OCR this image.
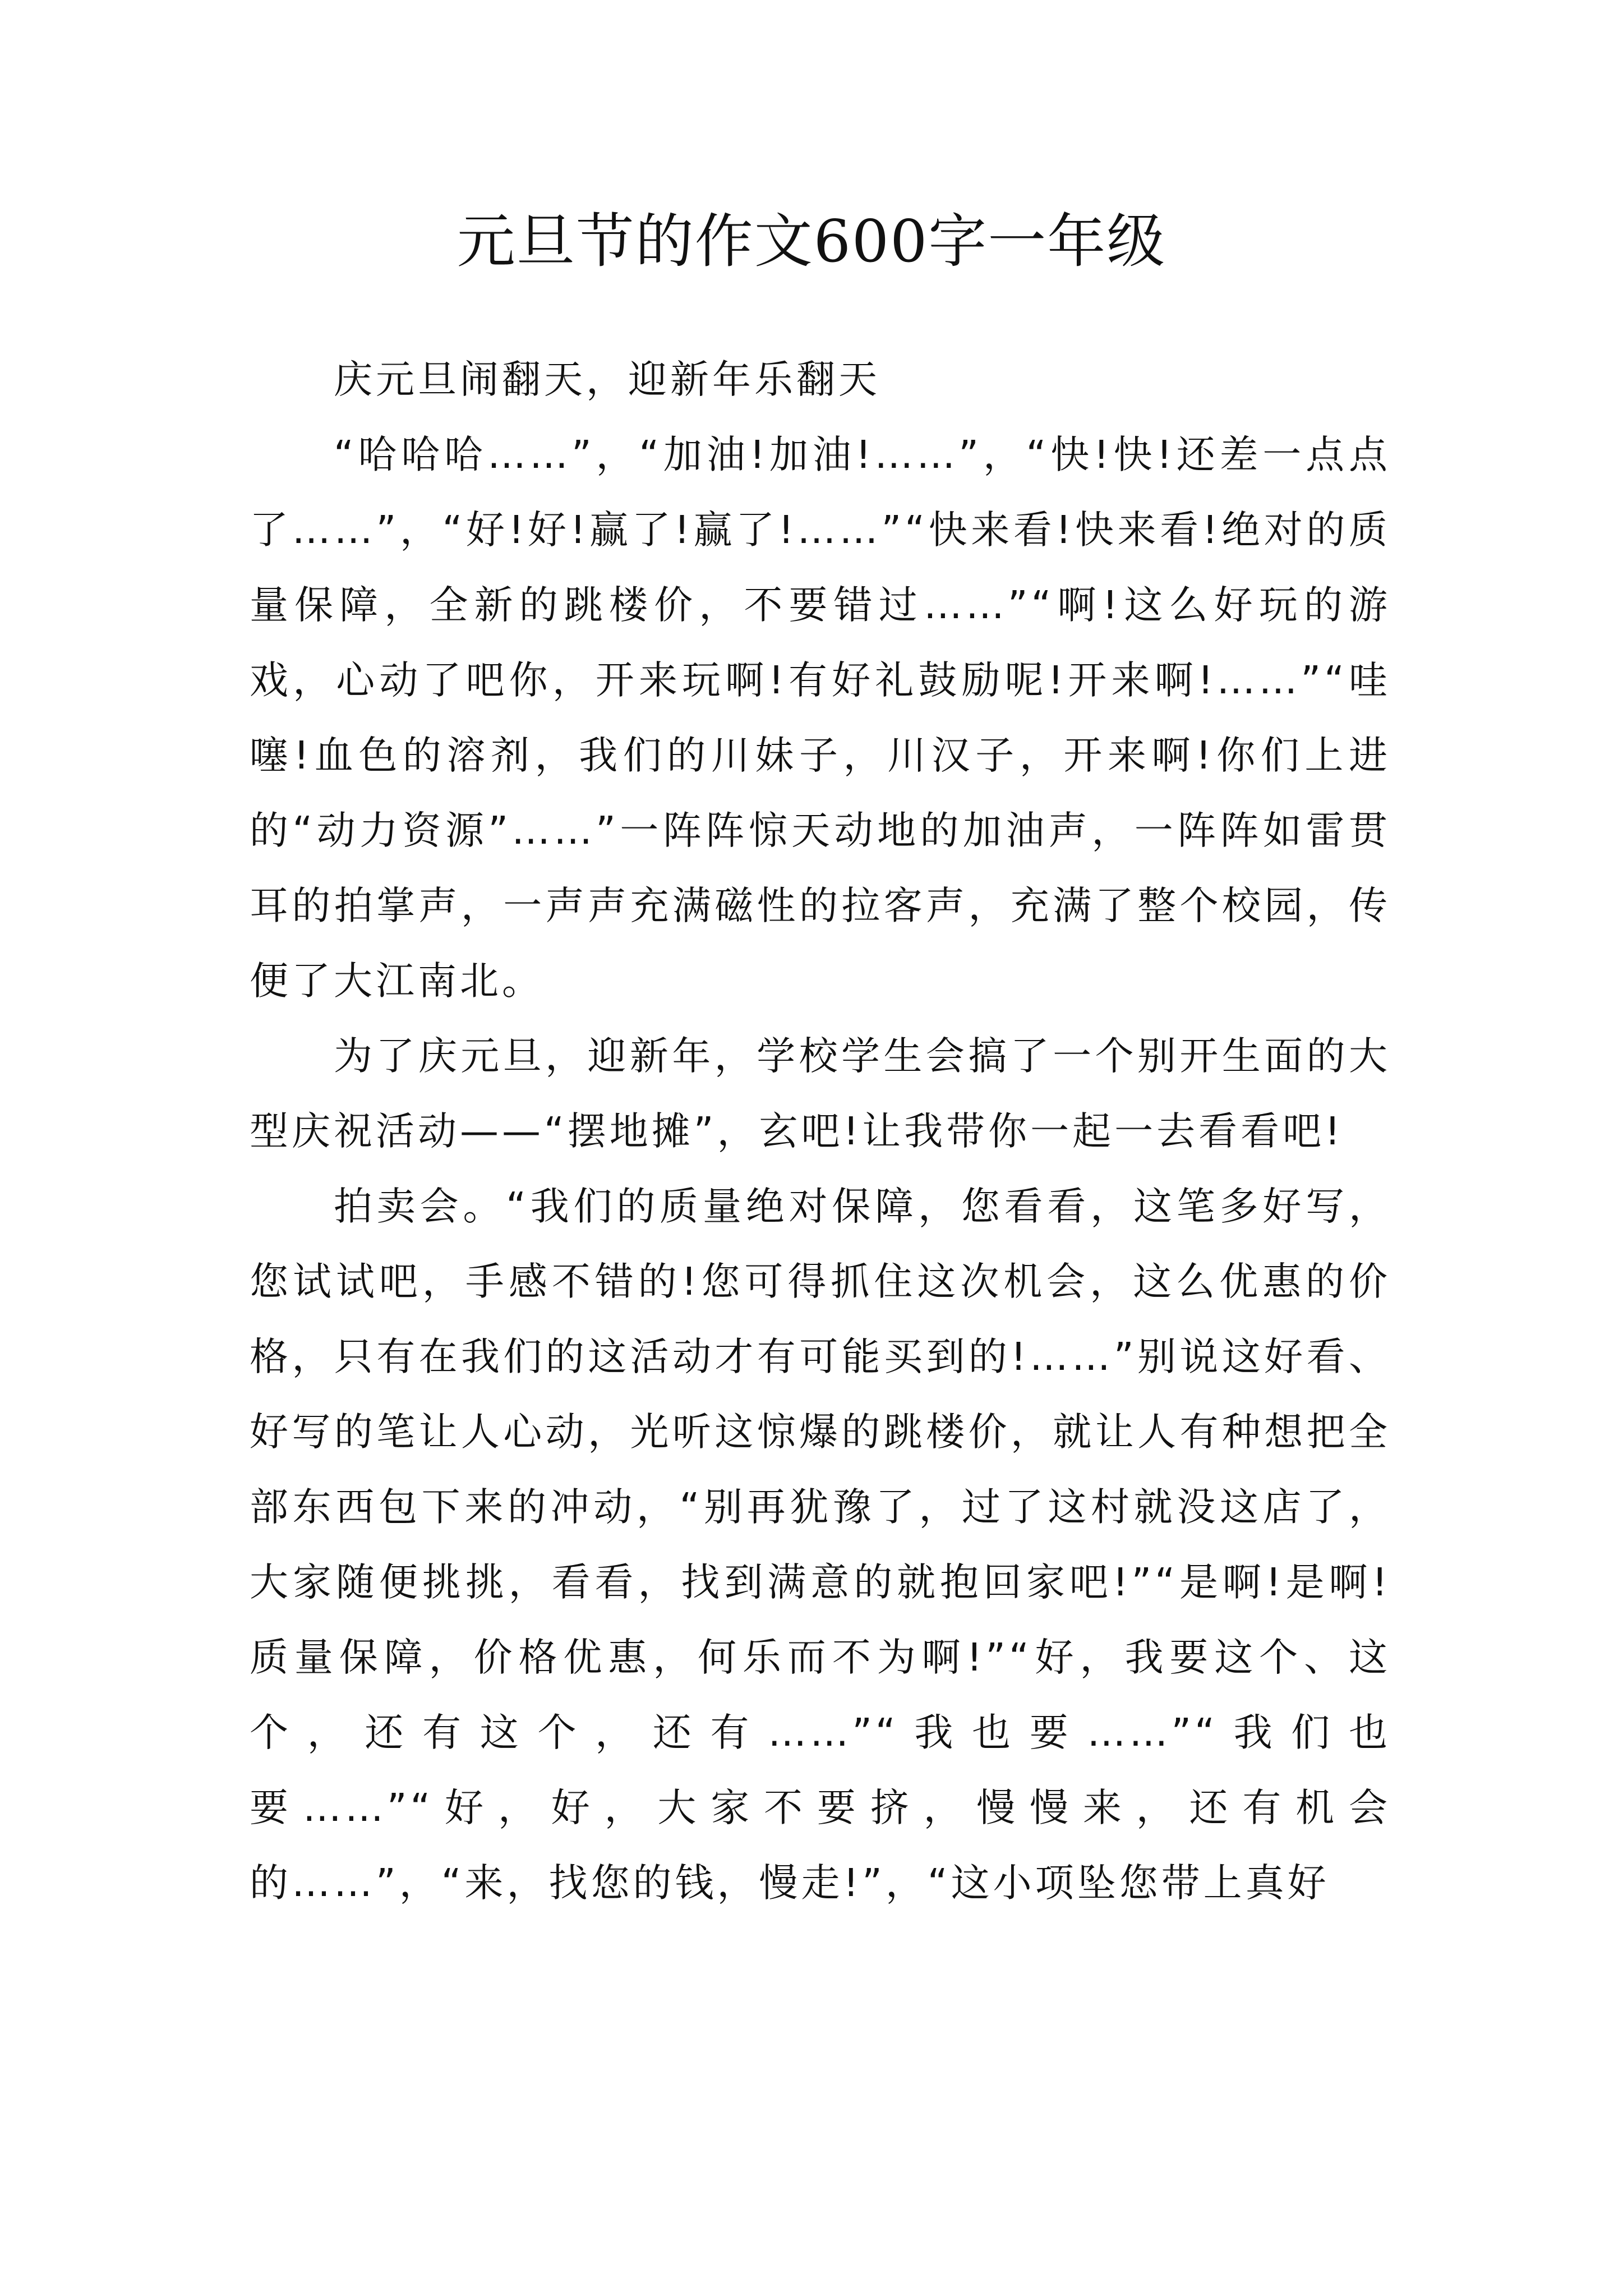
元旦节的作文600字一年级

庆元旦闹翻天，迎新年乐翻天

“哈哈哈……”，“加油!加油!……”，“快!快!还差一点点了……”，“好!好!赢了!赢了!……”“快来看!快来看!绝对的质量保障，全新的跳楼价，不要错过……”“啊!这么好玩的游戏，心动了吧你，开来玩啊!有好礼鼓励呢!开来啊!……”“哇噻!血色的溶剂，我们的川妹子，川汉子，开来啊!你们上进的“动力资源”……”一阵阵惊天动地的加油声，一阵阵如雷贯耳的拍掌声，一声声充满磁性的拉客声，充满了整个校园，传便了大江南北。

为了庆元旦，迎新年，学校学生会搞了一个别开生面的大型庆祝活动——“摆地摊”，玄吧!让我带你一起一去看看吧!

拍卖会。“我们的质量绝对保障，您看看，这笔多好写，您试试吧，手感不错的!您可得抓住这次机会，这么优惠的价格，只有在我们的这活动才有可能买到的!……”别说这好看、好写的笔让人心动，光听这惊爆的跳楼价，就让人有种想把全部东西包下来的冲动，“别再犹豫了，过了这村就没这店了，大家随便挑挑，看看，找到满意的就抱回家吧!”“是啊!是啊!质量保障，价格优惠，何乐而不为啊!”“好，我要这个、这个，还有这个，还有……”“我也要……”“我们也要……”“好，好，大家不要挤，慢慢来，还有机会的……”，“来，找您的钱，慢走!”，“这小项坠您带上真好
